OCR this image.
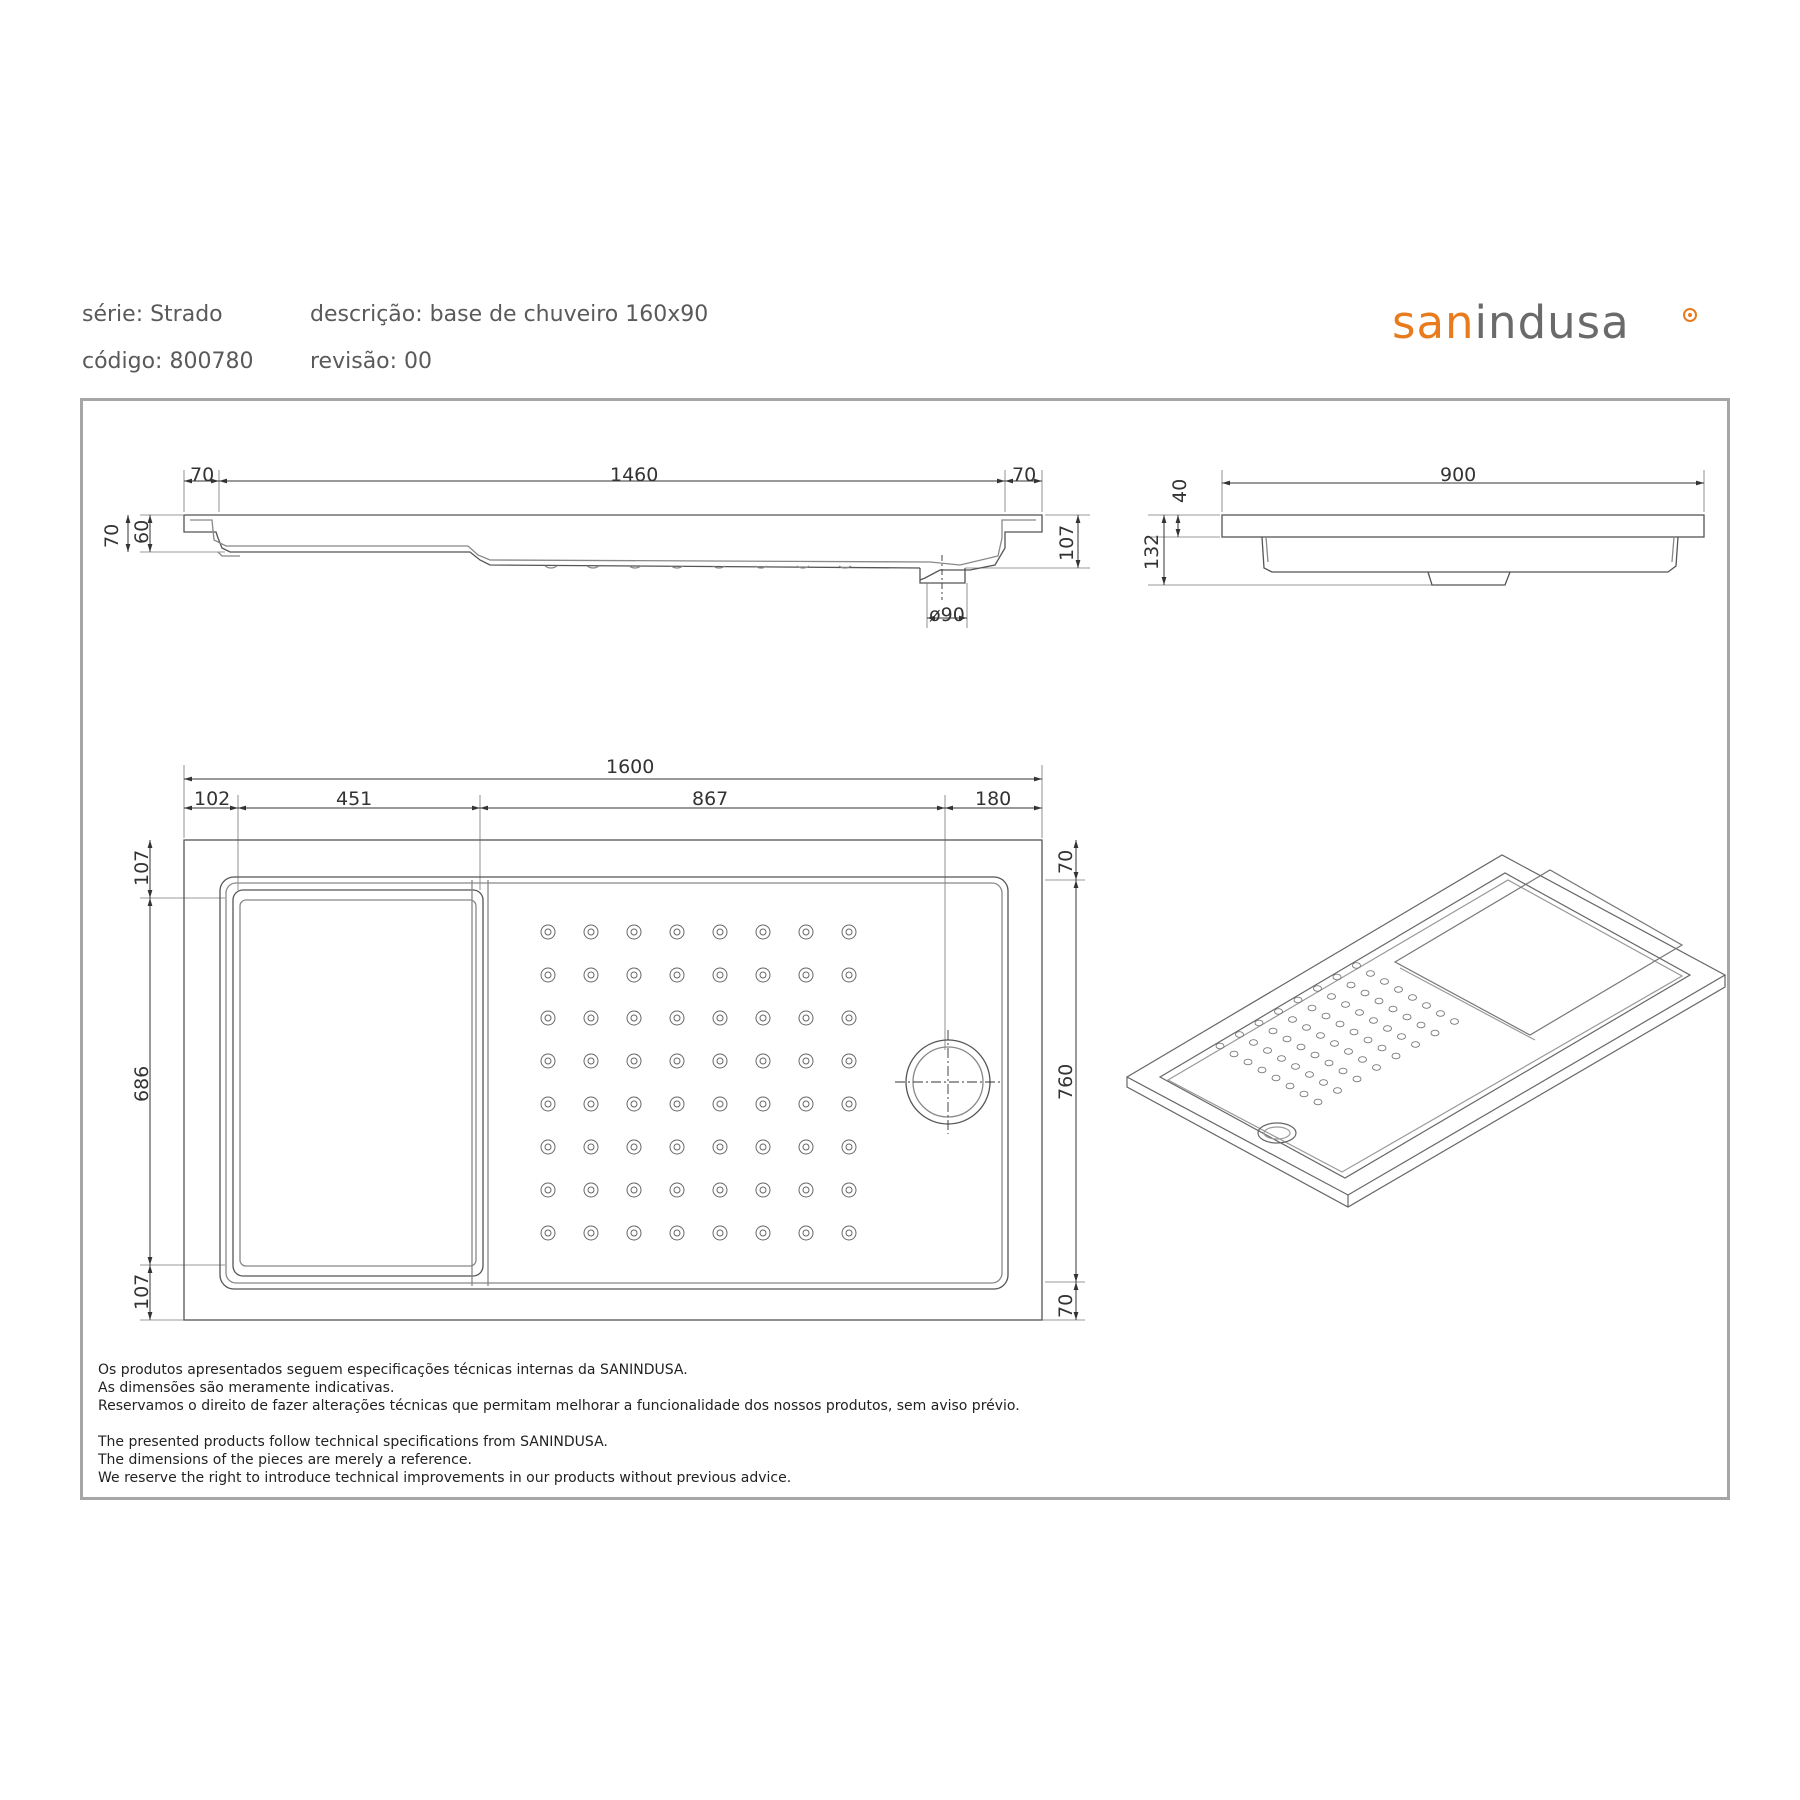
série: Strado	descrição: base de chuveiro 160x90
código: 800780	revisão: 00
sanindusa
70	1460	70
70 60	107
ø90
900
40
132
1600
102	451	867	180
107
686
107
70
760
70
Os produtos apresentados seguem especificações técnicas internas da SANINDUSA.
As dimensões são meramente indicativas.
Reservamos o direito de fazer alterações técnicas que permitam melhorar a funcionalidade dos nossos produtos, sem aviso prévio.
The presented products follow technical specifications from SANINDUSA.
The dimensions of the pieces are merely a reference.
We reserve the right to introduce technical improvements in our products without previous advice.
